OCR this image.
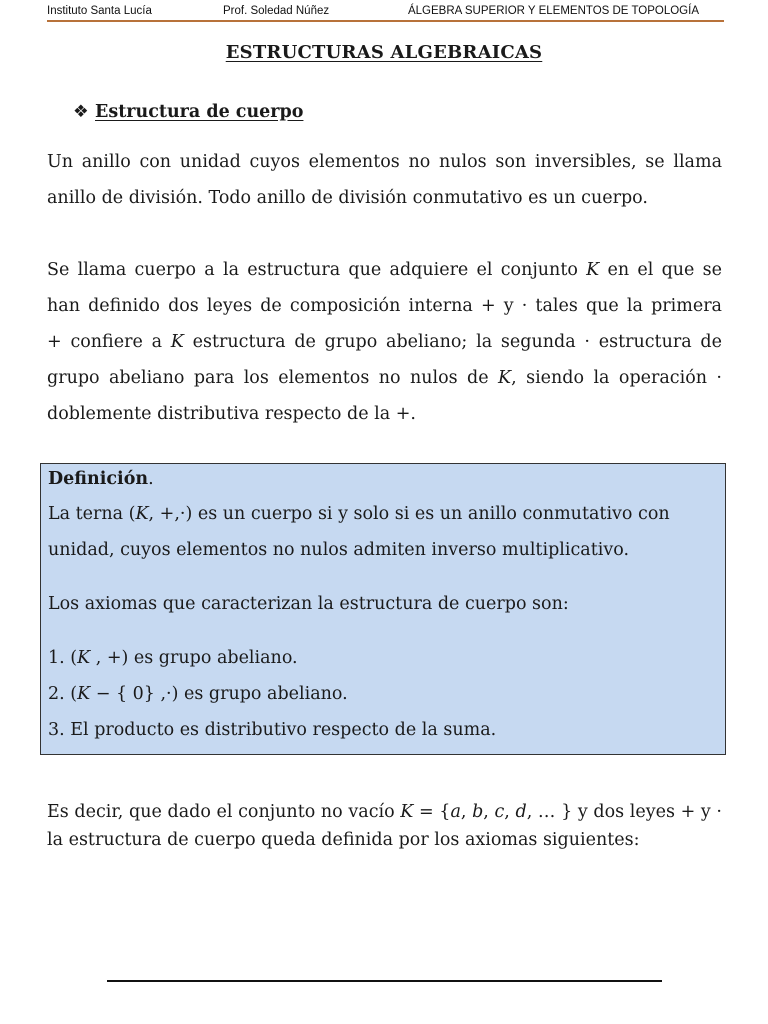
Instituto Santa Lucía	Prof. Soledad Núñez	ÁLGEBRA SUPERIOR Y ELEMENTOS DE TOPOLOGÍA
ESTRUCTURAS ALGEBRAICAS
❖ Estructura de cuerpo
Un anillo con unidad cuyos elementos no nulos son inversibles, se llama
anillo de división. Todo anillo de división conmutativo es un cuerpo.
Se llama cuerpo a la estructura que adquiere el conjunto 𝐾 en el que se
han definido dos leyes de composición interna + y · tales que la primera
+ confiere a 𝐾 estructura de grupo abeliano; la segunda · estructura de
grupo abeliano para los elementos no nulos de 𝐾, siendo la operación ·
doblemente distributiva respecto de la +.
Definición.
La terna (𝐾, +,·) es un cuerpo si y solo si es un anillo conmutativo con
unidad, cuyos elementos no nulos admiten inverso multiplicativo.
Los axiomas que caracterizan la estructura de cuerpo son:
1. (𝐾 , +) es grupo abeliano.
2. (𝐾 − { 0} ,·) es grupo abeliano.
3. El producto es distributivo respecto de la suma.
Es decir, que dado el conjunto no vacío 𝐾 = {𝑎, 𝑏, 𝑐, 𝑑, … } y dos leyes + y ·
la estructura de cuerpo queda definida por los axiomas siguientes:
